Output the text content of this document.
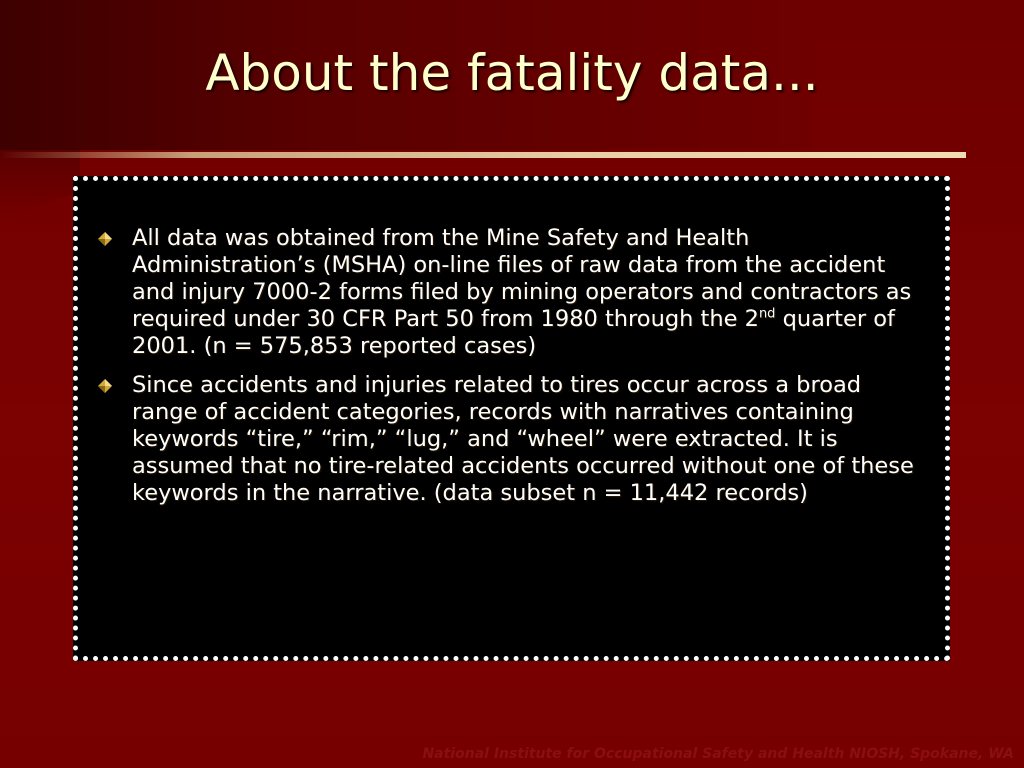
About the fatality data...
All data was obtained from the Mine Safety and Health Administration’s (MSHA) on-line files of raw data from the accident and injury 7000-2 forms filed by mining operators and contractors as required under 30 CFR Part 50 from 1980 through the 2nd quarter of 2001. (n = 575,853 reported cases)
Since accidents and injuries related to tires occur across a broad range of accident categories, records with narratives containing keywords “tire,” “rim,” “lug,” and “wheel” were extracted. It is assumed that no tire-related accidents occurred without one of these keywords in the narrative. (data subset n = 11,442 records)
National Institute for Occupational Safety and Health NIOSH, Spokane, WA
